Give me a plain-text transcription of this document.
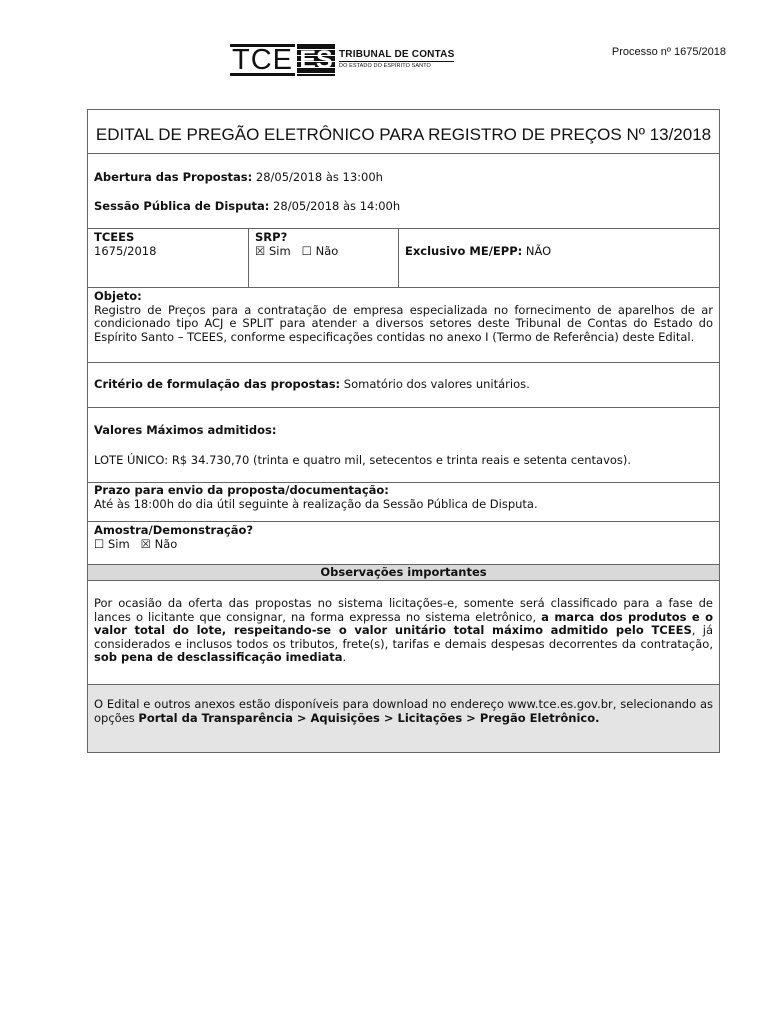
TCE ES TRIBUNAL DE CONTAS
DO ESTADO DO ESPÍRITO SANTO
Processo nº 1675/2018
EDITAL DE PREGÃO ELETRÔNICO PARA REGISTRO DE PREÇOS Nº 13/2018
Abertura das Propostas: 28/05/2018 às 13:00h
Sessão Pública de Disputa: 28/05/2018 às 14:00h
TCEES
1675/2018
SRP?
☒ Sim ☐ Não	Exclusivo ME/EPP: NÃO
Objeto:
Registro de Preços para a contratação de empresa especializada no fornecimento de aparelhos de ar condicionado tipo ACJ e SPLIT para atender a diversos setores deste Tribunal de Contas do Estado do Espírito Santo – TCEES, conforme especificações contidas no anexo I (Termo de Referência) deste Edital.
Critério de formulação das propostas: Somatório dos valores unitários.
Valores Máximos admitidos:
LOTE ÚNICO: R$ 34.730,70 (trinta e quatro mil, setecentos e trinta reais e setenta centavos).
Prazo para envio da proposta/documentação:
Até às 18:00h do dia útil seguinte à realização da Sessão Pública de Disputa.
Amostra/Demonstração?
☐ Sim ☒ Não
Observações importantes
Por ocasião da oferta das propostas no sistema licitações-e, somente será classificado para a fase de lances o licitante que consignar, na forma expressa no sistema eletrônico, a marca dos produtos e o valor total do lote, respeitando-se o valor unitário total máximo admitido pelo TCEES, já considerados e inclusos todos os tributos, frete(s), tarifas e demais despesas decorrentes da contratação, sob pena de desclassificação imediata.
O Edital e outros anexos estão disponíveis para download no endereço www.tce.es.gov.br, selecionando as opções Portal da Transparência > Aquisições > Licitações > Pregão Eletrônico.
